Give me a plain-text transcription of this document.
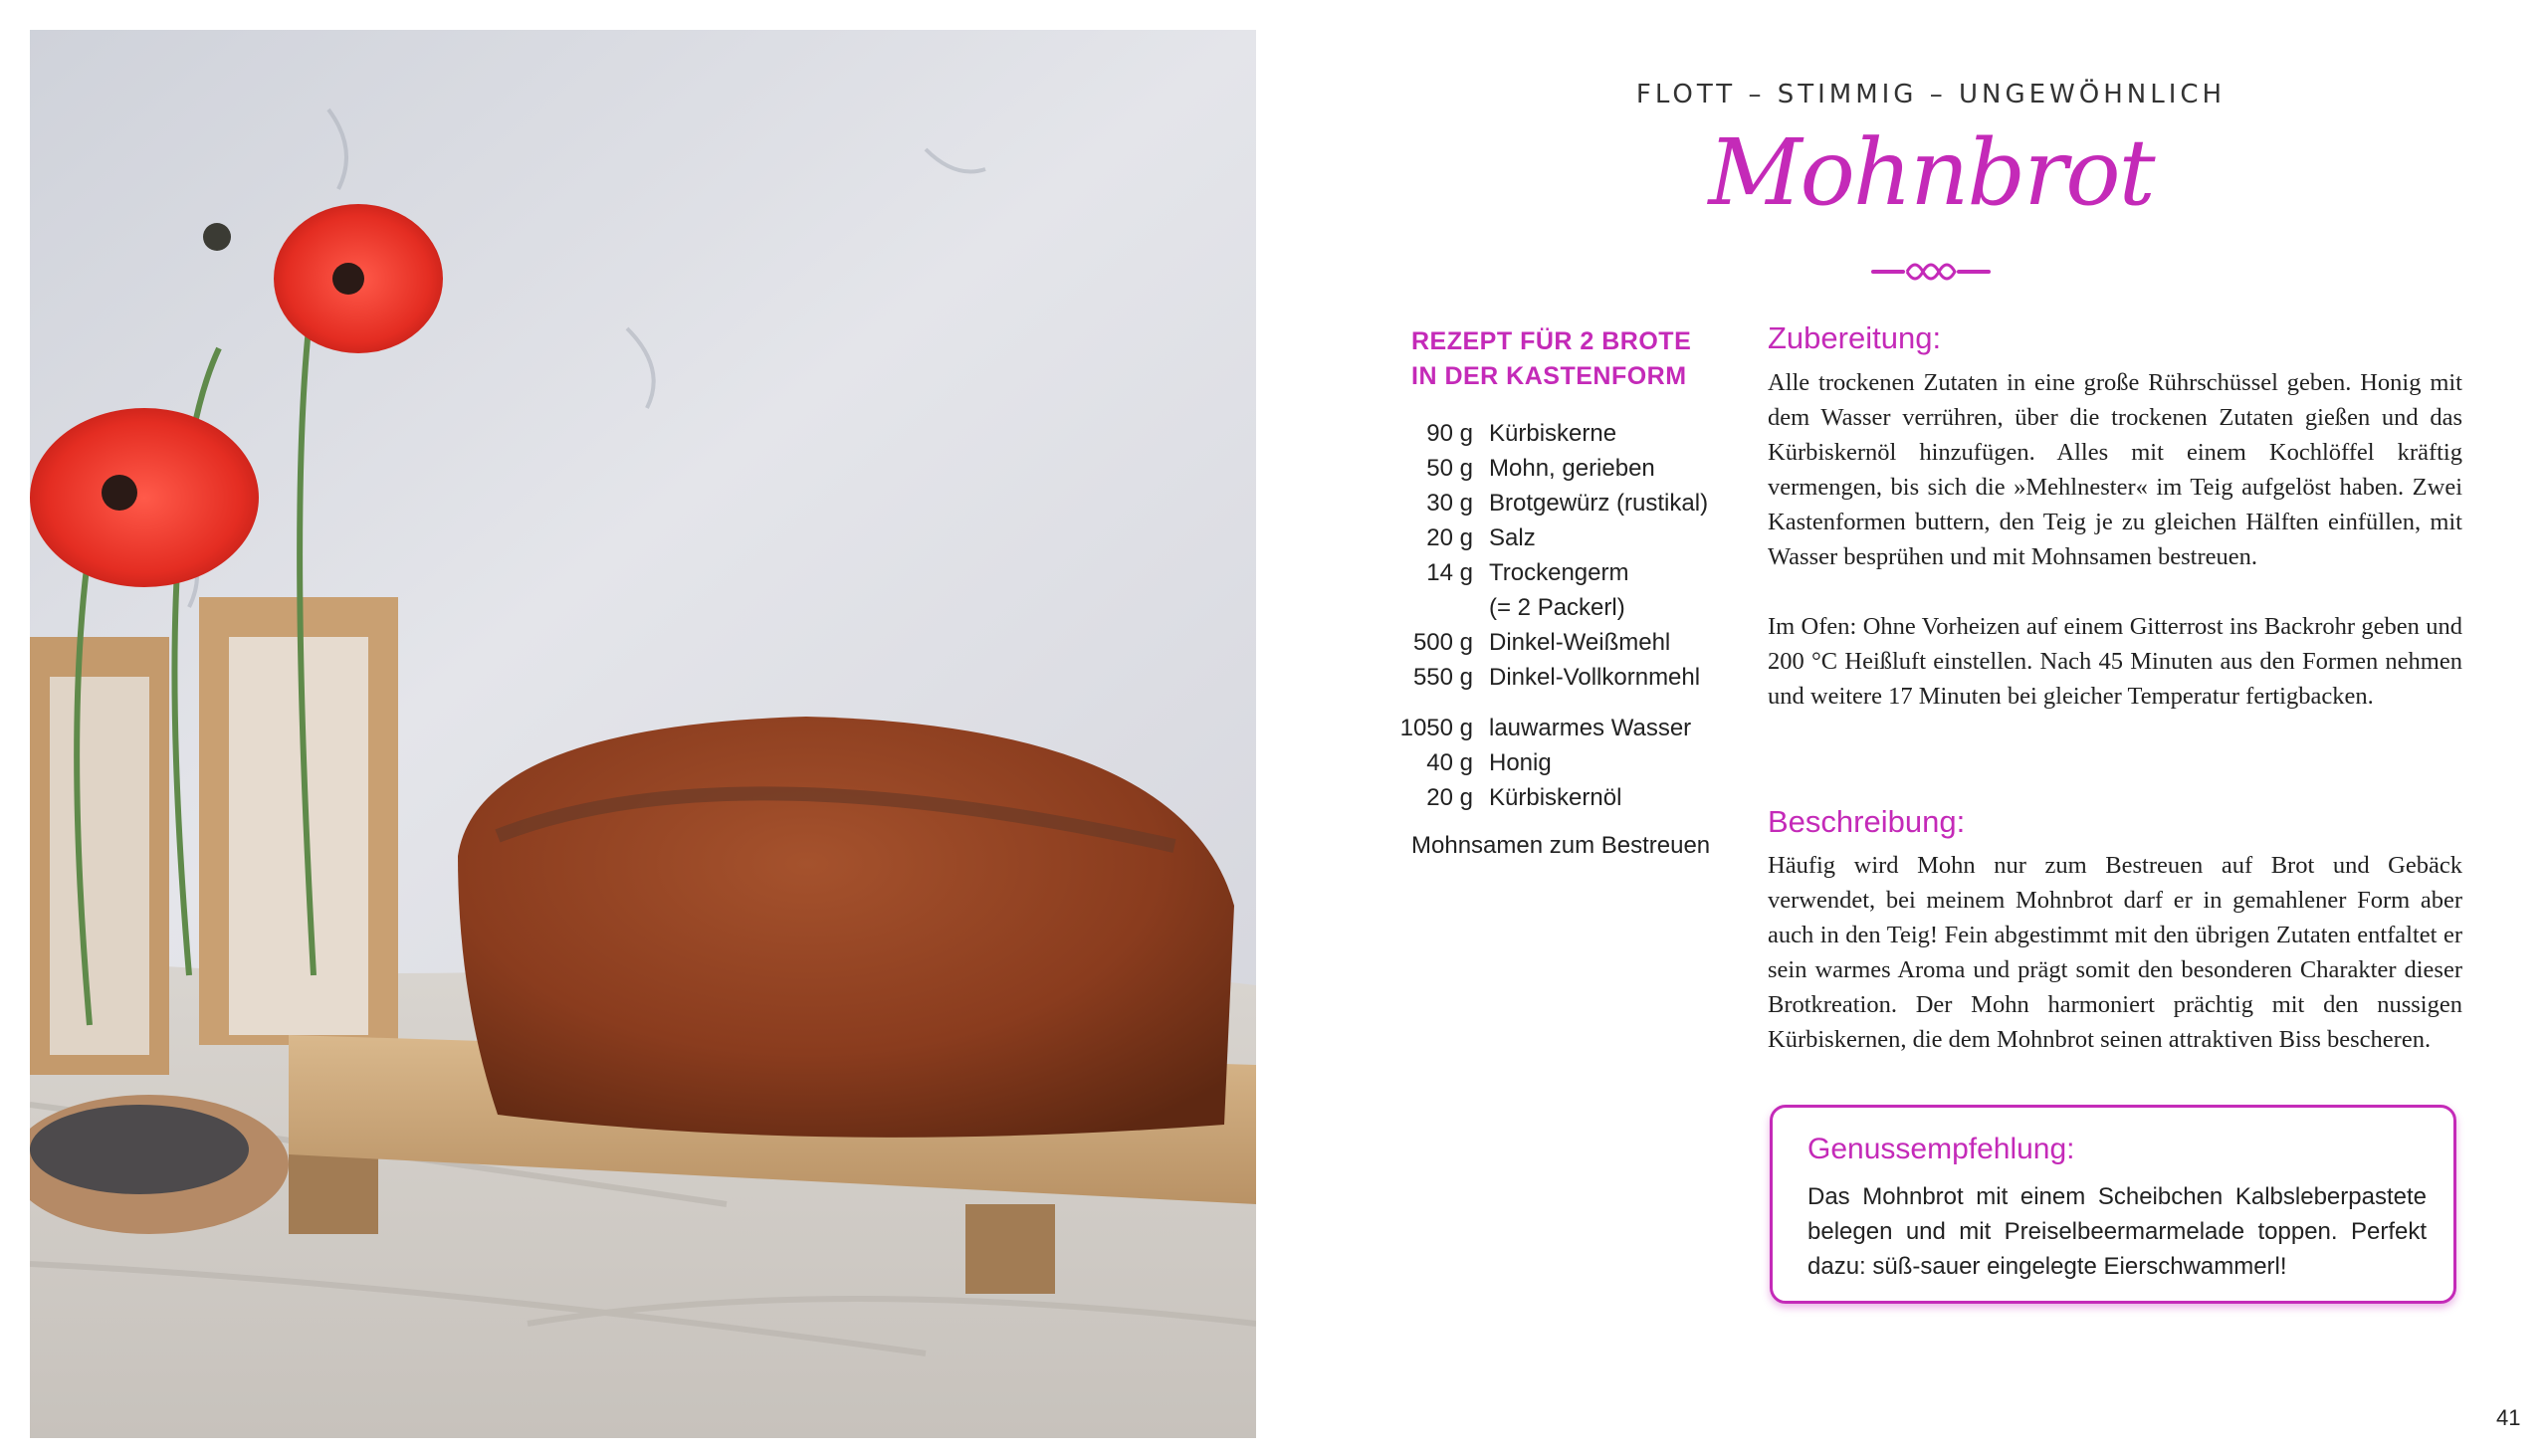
FLOTT – STIMMIG – UNGEWÖHNLICH
Mohnbrot
REZEPT FÜR 2 BROTE
IN DER KASTENFORM
90 g Kürbiskerne
50 g Mohn, gerieben
30 g Brotgewürz (rustikal)
20 g Salz
14 g Trockengerm
(= 2 Packerl)
500 g Dinkel-Weißmehl
550 g Dinkel-Vollkornmehl
1050 g lauwarmes Wasser
40 g Honig
20 g Kürbiskernöl
Mohnsamen zum Bestreuen
Zubereitung:
Alle trockenen Zutaten in eine große Rührschüssel geben. Honig mit dem Wasser verrühren, über die trockenen Zutaten gießen und das Kürbiskernöl hinzufügen. Alles mit einem Kochlöffel kräftig vermengen, bis sich die »Mehlnester« im Teig aufgelöst haben. Zwei Kastenformen buttern, den Teig je zu gleichen Hälften einfüllen, mit Wasser besprühen und mit Mohnsamen bestreuen.
Im Ofen: Ohne Vorheizen auf einem Gitterrost ins Backrohr geben und 200 °C Heißluft einstellen. Nach 45 Minuten aus den Formen nehmen und weitere 17 Minuten bei gleicher Temperatur fertigbacken.
Beschreibung:
Häufig wird Mohn nur zum Bestreuen auf Brot und Gebäck verwendet, bei meinem Mohnbrot darf er in gemahlener Form aber auch in den Teig! Fein abgestimmt mit den übrigen Zutaten entfaltet er sein warmes Aroma und prägt somit den besonderen Charakter dieser Brotkreation. Der Mohn harmoniert prächtig mit den nussigen Kürbiskernen, die dem Mohnbrot seinen attraktiven Biss bescheren.
Genussempfehlung:
Das Mohnbrot mit einem Scheibchen Kalbsleberpastete belegen und mit Preiselbeermarmelade toppen. Perfekt dazu: süß-sauer eingelegte Eierschwammerl!
41
